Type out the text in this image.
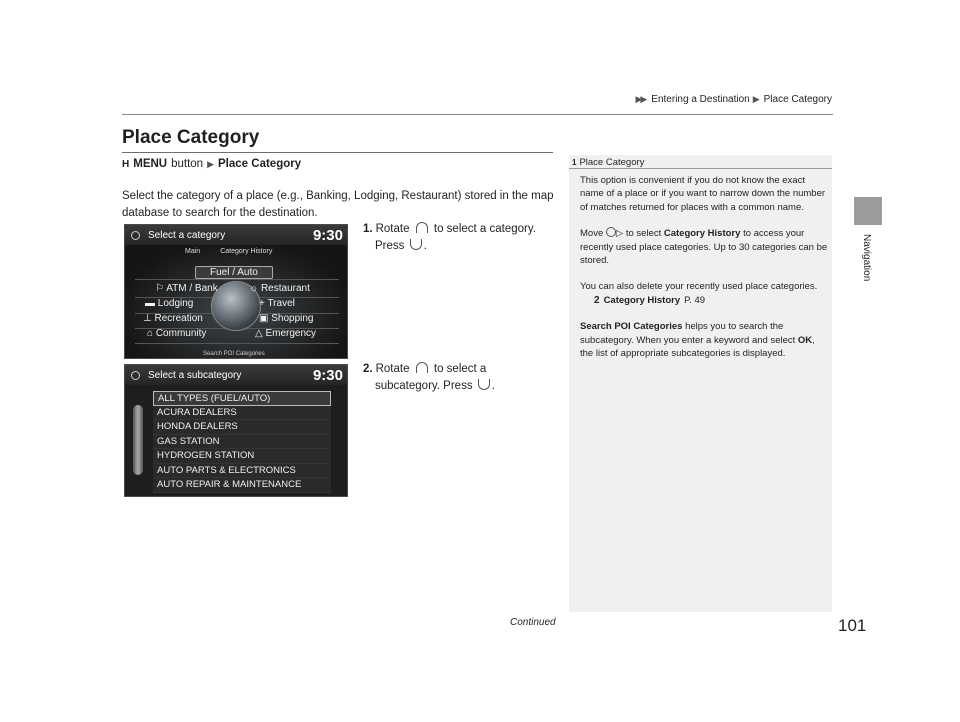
▶▶ Entering a Destination ▶ Place Category
Navigation
Place Category
H MENU button ▶ Place Category

Select the category of a place (e.g., Banking, Lodging, Restaurant) stored in the map database to search for the destination.

1. Rotate to select a category.
Press .
2. Rotate to select a
subcategory. Press .
Select a category	9:30
Main	Category History
Fuel / Auto
⚐ ATM / Bank	☼ Restaurant
▬ Lodging	+ Travel
⊥ Recreation	▣ Shopping
⌂ Community	△ Emergency
Search POI Categories
Select a subcategory	9:30
ALL TYPES (FUEL/AUTO)
ACURA DEALERS
HONDA DEALERS
GAS STATION
HYDROGEN STATION
AUTO PARTS & ELECTRONICS
AUTO REPAIR & MAINTENANCE
1 Place Category

This option is convenient if you do not know the exact name of a place or if you want to narrow down the number of matches returned for places with a common name.

Move ▷ to select Category History to access your recently used place categories. Up to 30 categories can be stored.

You can also delete your recently used place categories.

2 Category History P. 49

Search POI Categories helps you to search the subcategory. When you enter a keyword and select OK, the list of appropriate subcategories is displayed.

Continued	101
